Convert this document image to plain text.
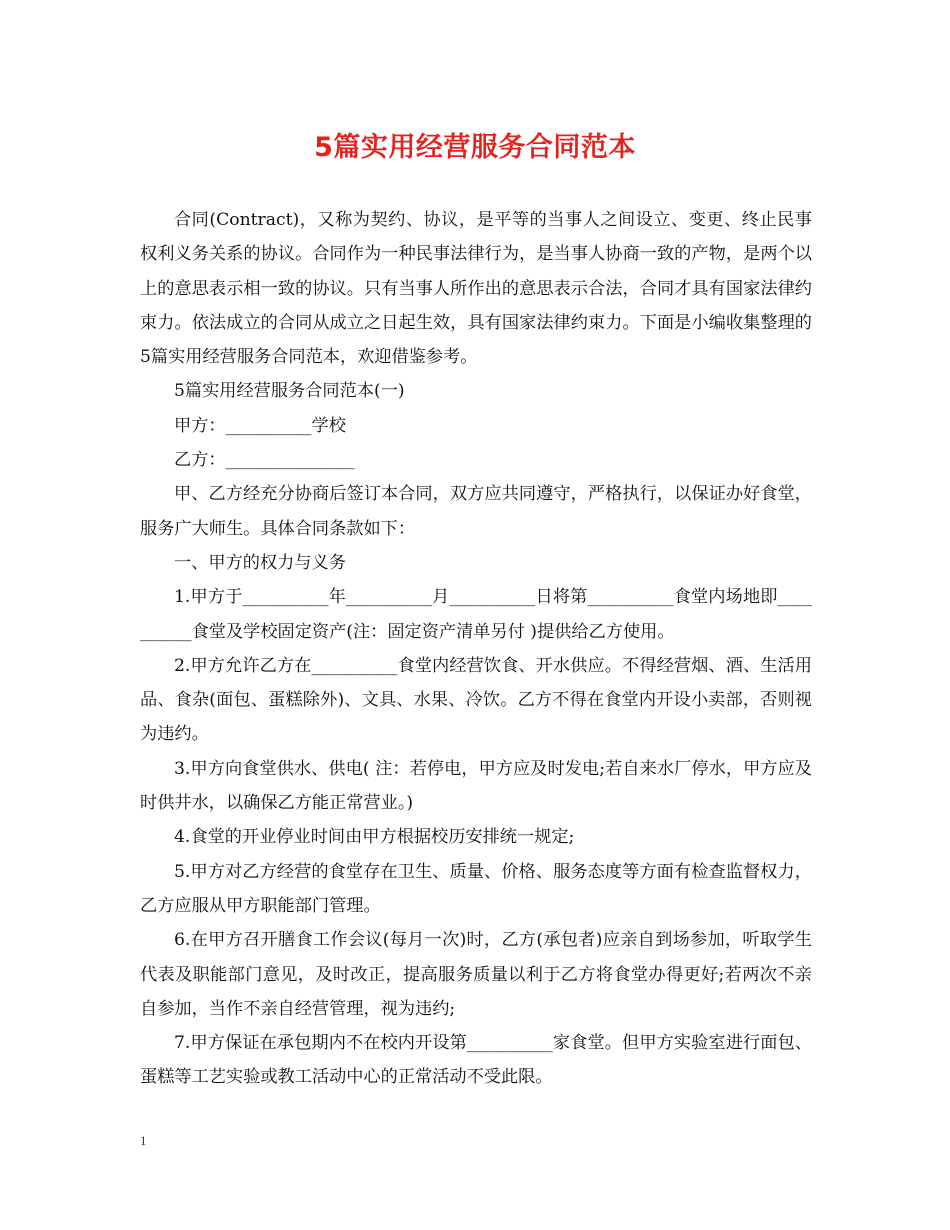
5篇实用经营服务合同范本

合同(Contract)，又称为契约、协议，是平等的当事人之间设立、变更、终止民事权利义务关系的协议。合同作为一种民事法律行为，是当事人协商一致的产物，是两个以上的意思表示相一致的协议。只有当事人所作出的意思表示合法，合同才具有国家法律约束力。依法成立的合同从成立之日起生效，具有国家法律约束力。下面是小编收集整理的5篇实用经营服务合同范本，欢迎借鉴参考。

5篇实用经营服务合同范本(一)

甲方：__________学校

乙方：_______________

甲、乙方经充分协商后签订本合同，双方应共同遵守，严格执行，以保证办好食堂，服务广大师生。具体合同条款如下：

一、甲方的权力与义务

1.甲方于__________年__________月__________日将第__________食堂内场地即__________食堂及学校固定资产(注：固定资产清单另付 )提供给乙方使用。

2.甲方允许乙方在__________食堂内经营饮食、开水供应。不得经营烟、酒、生活用品、食杂(面包、蛋糕除外)、文具、水果、冷饮。乙方不得在食堂内开设小卖部，否则视为违约。

3.甲方向食堂供水、供电( 注：若停电，甲方应及时发电;若自来水厂停水，甲方应及时供井水，以确保乙方能正常营业。)

4.食堂的开业停业时间由甲方根据校历安排统一规定;

5.甲方对乙方经营的食堂存在卫生、质量、价格、服务态度等方面有检查监督权力，乙方应服从甲方职能部门管理。

6.在甲方召开膳食工作会议(每月一次)时，乙方(承包者)应亲自到场参加，听取学生代表及职能部门意见，及时改正，提高服务质量以利于乙方将食堂办得更好;若两次不亲自参加，当作不亲自经营管理，视为违约;

7.甲方保证在承包期内不在校内开设第__________家食堂。但甲方实验室进行面包、蛋糕等工艺实验或教工活动中心的正常活动不受此限。

1
